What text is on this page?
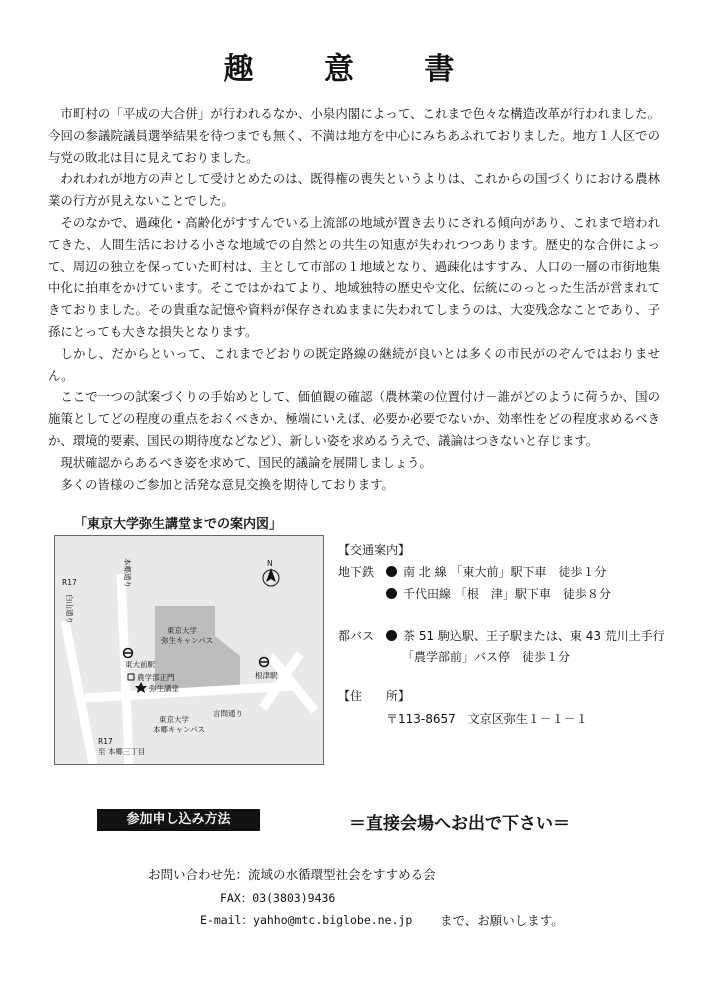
趣 意 書

市町村の「平成の大合併」が行われるなか、小泉内閣によって、これまで色々な構造改革が行われました。今回の参議院議員選挙結果を待つまでも無く、不満は地方を中心にみちあふれておりました。地方１人区での与党の敗北は目に見えておりました。

われわれが地方の声として受けとめたのは、既得権の喪失というよりは、これからの国づくりにおける農林業の行方が見えないことでした。

そのなかで、過疎化・高齢化がすすんでいる上流部の地域が置き去りにされる傾向があり、これまで培われてきた、人間生活における小さな地域での自然との共生の知恵が失われつつあります。歴史的な合併によって、周辺の独立を保っていた町村は、主として市部の１地域となり、過疎化はすすみ、人口の一層の市街地集中化に拍車をかけています。そこではかねてより、地域独特の歴史や文化、伝統にのっとった生活が営まれてきておりました。その貴重な記憶や資料が保存されぬままに失われてしまうのは、大変残念なことであり、子孫にとっても大きな損失となります。

しかし、だからといって、これまでどおりの既定路線の継続が良いとは多くの市民がのぞんではおりません。

ここで一つの試案づくりの手始めとして、価値観の確認（農林業の位置付け－誰がどのように荷うか、国の施策としてどの程度の重点をおくべきか、極端にいえば、必要か必要でないか、効率性をどの程度求めるべきか、環境的要素、国民の期待度などなど）、新しい姿を求めるうえで、議論はつきないと存じます。

現状確認からあるべき姿を求めて、国民的議論を展開しましょう。

多くの皆様のご参加と活発な意見交換を期待しております。

「東京大学弥生講堂までの案内図」
本郷通り
R17
白山通り
N
東京大学
弥生キャンパス
東大前駅
農学部正門
弥生講堂
根津駅
言問通り
東京大学
本郷キャンパス
R17
至 本郷三丁目
【交通案内】
地下鉄	南 北 線 「東大前」駅下車　徒歩１分
千代田線 「根　津」駅下車　徒歩８分
都バス	茶 51 駒込駅、王子駅または、東 43 荒川土手行
「農学部前」バス停　徒歩１分
【住　　所】
〒113-8657　文京区弥生１－１－１
参加申し込み方法	＝直接会場へお出で下さい＝
お問い合わせ先：流域の水循環型社会をすすめる会
FAX：03(3803)9436
E-mail：yahho@mtc.biglobe.ne.jp まで、お願いします。
